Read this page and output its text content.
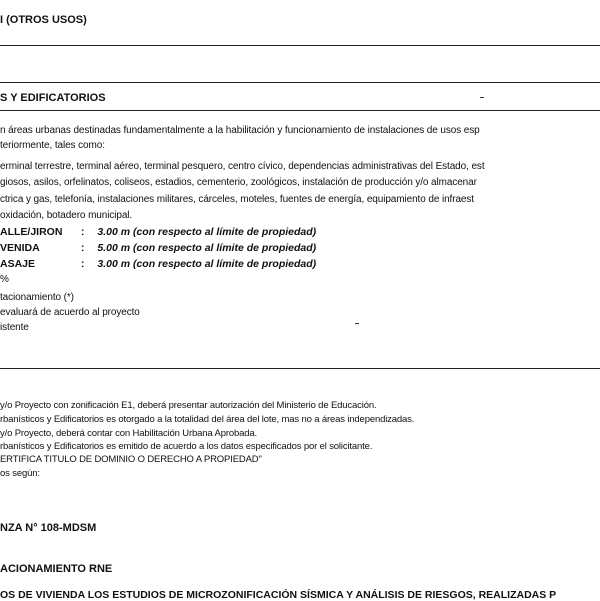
I (OTROS USOS)
S Y EDIFICATORIOS
n áreas urbanas destinadas fundamentalmente a la habilitación y funcionamiento de instalaciones de usos esp
teriormente, tales como:
erminal terrestre, terminal aéreo, terminal pesquero, centro cívico, dependencias administrativas del Estado, est
giosos, asilos, orfelinatos, coliseos, estadios, cementerio, zoológicos, instalación de producción y/o almacenar
ctrica y gas, telefonía, instalaciones militares, cárceles, moteles, fuentes de energía, equipamiento de infraest
oxidación, botadero municipal.
ALLE/JIRON : 3.00 m (con respecto al límite de propiedad)
VENIDA	: 5.00 m (con respecto al límite de propiedad)
ASAJE	: 3.00 m (con respecto al límite de propiedad)
%
tacionamiento (*)
evaluará de acuerdo al proyecto
istente
y/o Proyecto con zonificación E1, deberá presentar autorización del Ministerio de Educación.
rbanísticos y Edificatorios es otorgado a la totalidad del área del lote, mas no a áreas independizadas.
y/o Proyecto, deberá contar con Habilitación Urbana Aprobada.
rbanísticos y Edificatorios es emitido de acuerdo a los datos especificados por el solicitante.
ERTIFICA TITULO DE DOMINIO O DERECHO A PROPIEDAD"
os según:
NZA N° 108-MDSM
ACIONAMIENTO RNE
OS DE VIVIENDA LOS ESTUDIOS DE MICROZONIFICACIÓN SÍSMICA Y ANÁLISIS DE RIESGOS, REALIZADAS P
